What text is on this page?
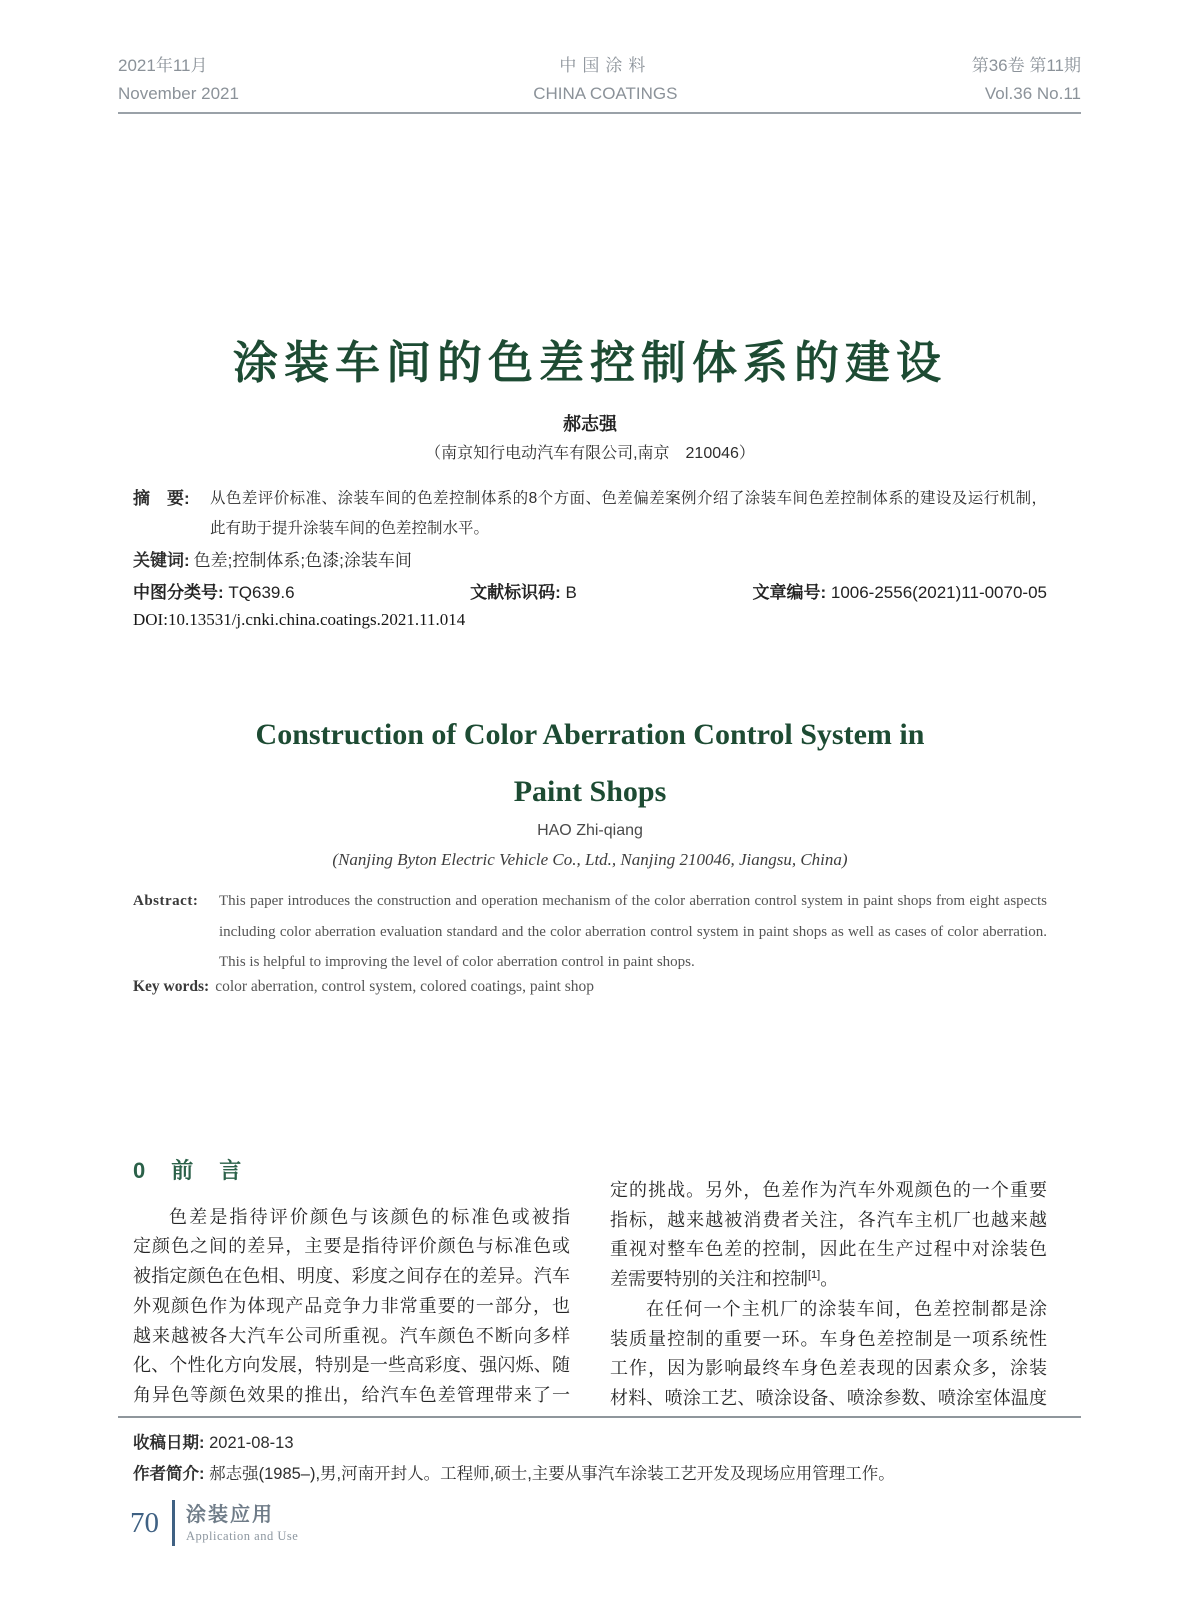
2021年11月
November 2021
中国涂料
CHINA COATINGS
第36卷 第11期
Vol.36 No.11
涂装车间的色差控制体系的建设
郝志强
（南京知行电动汽车有限公司,南京　210046）
摘　要: 从色差评价标准、涂装车间的色差控制体系的8个方面、色差偏差案例介绍了涂装车间色差控制体系的建设及运行机制，
此有助于提升涂装车间的色差控制水平。
关键词: 色差;控制体系;色漆;涂装车间
中图分类号: TQ639.6	文献标识码: B	文章编号: 1006-2556(2021)11-0070-05
DOI:10.13531/j.cnki.china.coatings.2021.11.014
Construction of Color Aberration Control System in
Paint Shops
HAO Zhi-qiang
(Nanjing Byton Electric Vehicle Co., Ltd., Nanjing 210046, Jiangsu, China)
Abstract: This paper introduces the construction and operation mechanism of the color aberration control system in paint shops from eight aspects including color aberration evaluation standard and the color aberration control system in paint shops as well as cases of color aberration. This is helpful to improving the level of color aberration control in paint shops.
Key words: color aberration, control system, colored coatings, paint shop
0　前　言
色差是指待评价颜色与该颜色的标准色或被指
定颜色之间的差异，主要是指待评价颜色与标准色或
被指定颜色在色相、明度、彩度之间存在的差异。汽车
外观颜色作为体现产品竞争力非常重要的一部分，也
越来越被各大汽车公司所重视。汽车颜色不断向多样
化、个性化方向发展，特别是一些高彩度、强闪烁、随
角异色等颜色效果的推出，给汽车色差管理带来了一
定的挑战。另外，色差作为汽车外观颜色的一个重要
指标，越来越被消费者关注，各汽车主机厂也越来越
重视对整车色差的控制，因此在生产过程中对涂装色
差需要特别的关注和控制[1]。
在任何一个主机厂的涂装车间，色差控制都是涂
装质量控制的重要一环。车身色差控制是一项系统性
工作，因为影响最终车身色差表现的因素众多，涂装
材料、喷涂工艺、喷涂设备、喷涂参数、喷涂室体温度
收稿日期: 2021-08-13
作者简介: 郝志强(1985–),男,河南开封人。工程师,硕士,主要从事汽车涂装工艺开发及现场应用管理工作。
70 涂装应用
Application and Use
